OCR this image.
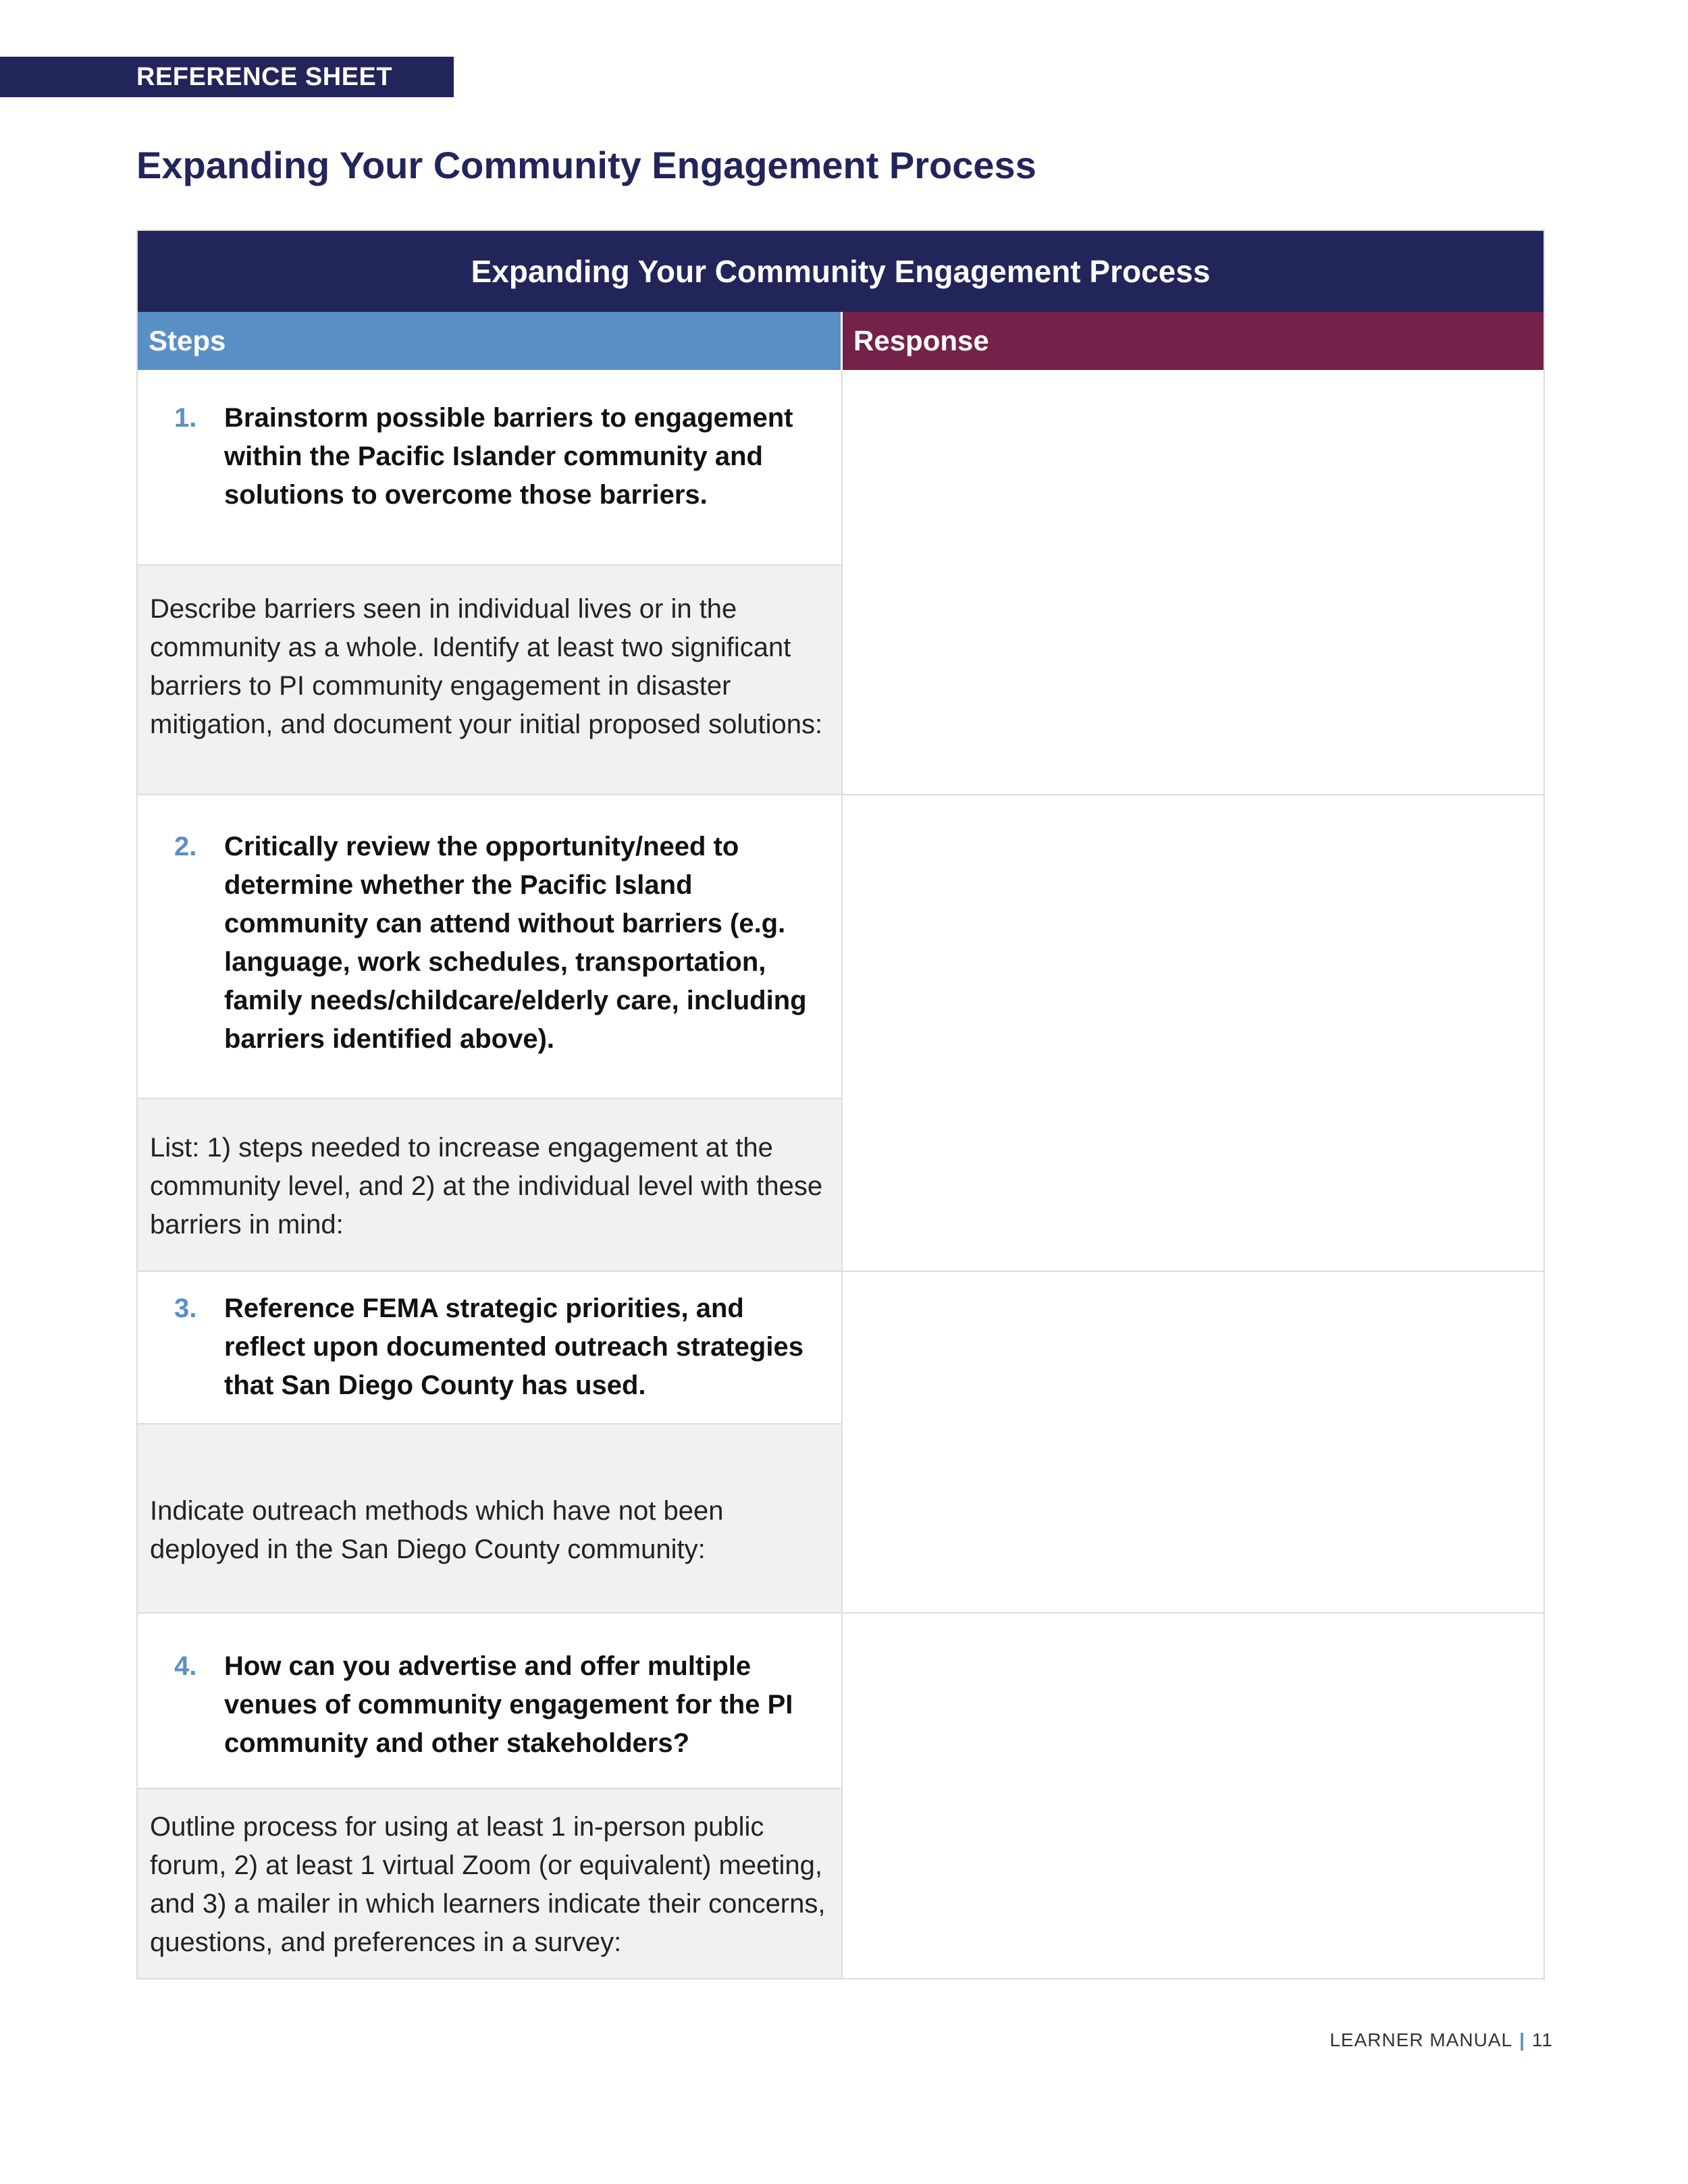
REFERENCE SHEET
Expanding Your Community Engagement Process
Expanding Your Community Engagement Process
Steps	Response
1. Brainstorm possible barriers to engagement within the Pacific Islander community and solutions to overcome those barriers.
Describe barriers seen in individual lives or in the community as a whole. Identify at least two significant barriers to PI community engagement in disaster mitigation, and document your initial proposed solutions:
2. Critically review the opportunity/need to determine whether the Pacific Island community can attend without barriers (e.g. language, work schedules, transportation, family needs/childcare/elderly care, including barriers identified above).
List: 1) steps needed to increase engagement at the community level, and 2) at the individual level with these barriers in mind:
3. Reference FEMA strategic priorities, and reflect upon documented outreach strategies that San Diego County has used.
Indicate outreach methods which have not been deployed in the San Diego County community:
4. How can you advertise and offer multiple venues of community engagement for the PI community and other stakeholders?
Outline process for using at least 1 in-person public forum, 2) at least 1 virtual Zoom (or equivalent) meeting, and 3) a mailer in which learners indicate their concerns, questions, and preferences in a survey:
LEARNER MANUAL | 11
